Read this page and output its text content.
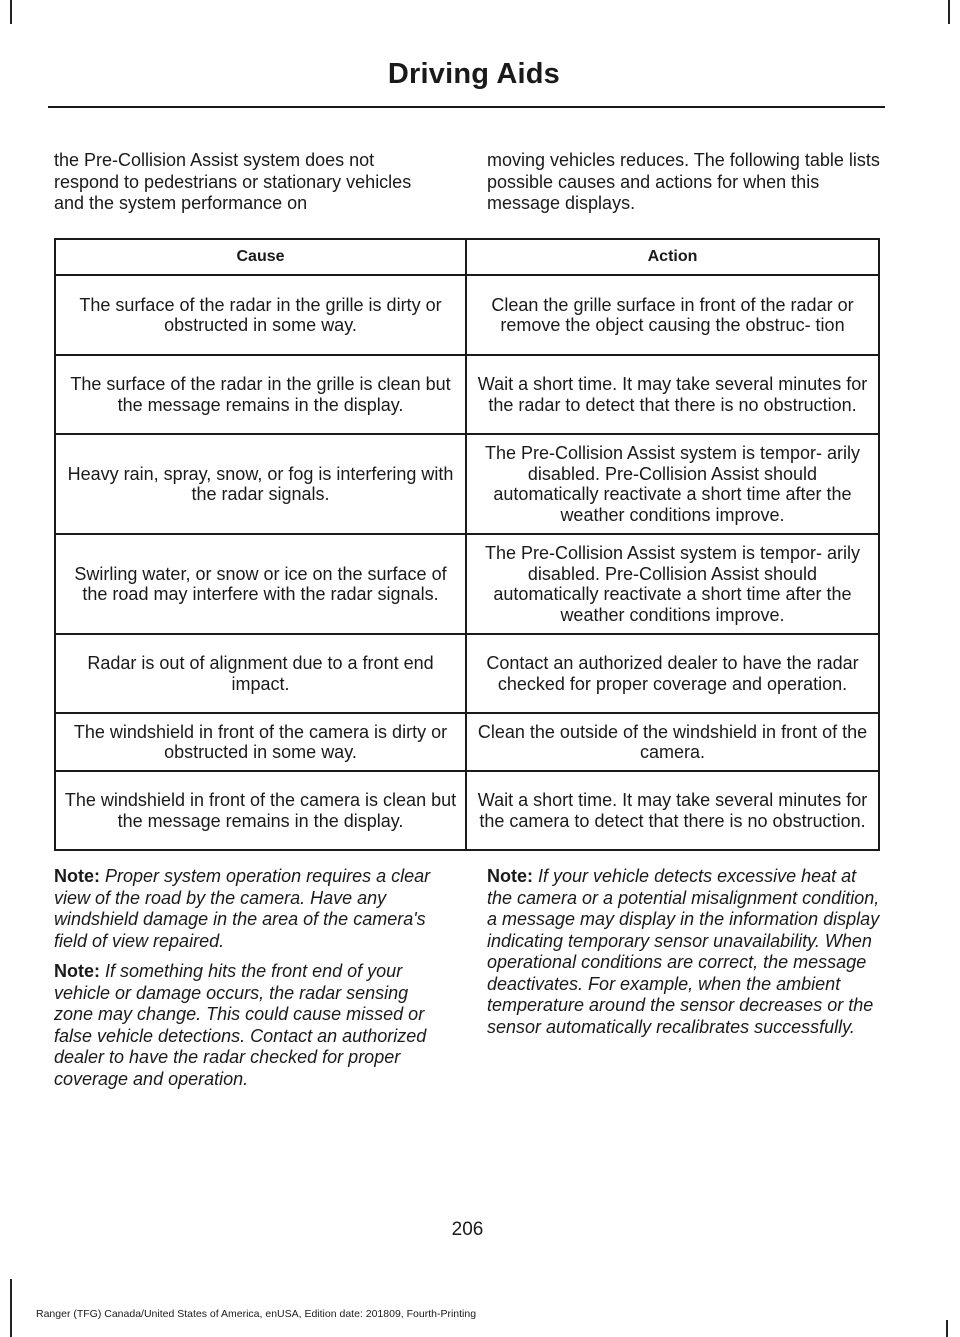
Driving Aids
the Pre-Collision Assist system does not respond to pedestrians or stationary vehicles and the system performance on
moving vehicles reduces. The following table lists possible causes and actions for when this message displays.
Cause	Action
The surface of the radar in the grille is dirty or obstructed in some way.	Clean the grille surface in front of the radar or remove the object causing the obstruc- tion
The surface of the radar in the grille is clean but the message remains in the display.	Wait a short time. It may take several minutes for the radar to detect that there is no obstruction.
Heavy rain, spray, snow, or fog is interfering with the radar signals.	The Pre-Collision Assist system is tempor- arily disabled. Pre-Collision Assist should automatically reactivate a short time after the weather conditions improve.
Swirling water, or snow or ice on the surface of the road may interfere with the radar signals.	The Pre-Collision Assist system is tempor- arily disabled. Pre-Collision Assist should automatically reactivate a short time after the weather conditions improve.
Radar is out of alignment due to a front end impact.	Contact an authorized dealer to have the radar checked for proper coverage and operation.
The windshield in front of the camera is dirty or obstructed in some way.	Clean the outside of the windshield in front of the camera.
The windshield in front of the camera is clean but the message remains in the display.	Wait a short time. It may take several minutes for the camera to detect that there is no obstruction.

Note: Proper system operation requires a clear view of the road by the camera. Have any windshield damage in the area of the camera's field of view repaired.

Note: If something hits the front end of your vehicle or damage occurs, the radar sensing zone may change. This could cause missed or false vehicle detections. Contact an authorized dealer to have the radar checked for proper coverage and operation.

Note: If your vehicle detects excessive heat at the camera or a potential misalignment condition, a message may display in the information display indicating temporary sensor unavailability. When operational conditions are correct, the message deactivates. For example, when the ambient temperature around the sensor decreases or the sensor automatically recalibrates successfully.

206
Ranger (TFG) Canada/United States of America, enUSA, Edition date: 201809, Fourth-Printing
